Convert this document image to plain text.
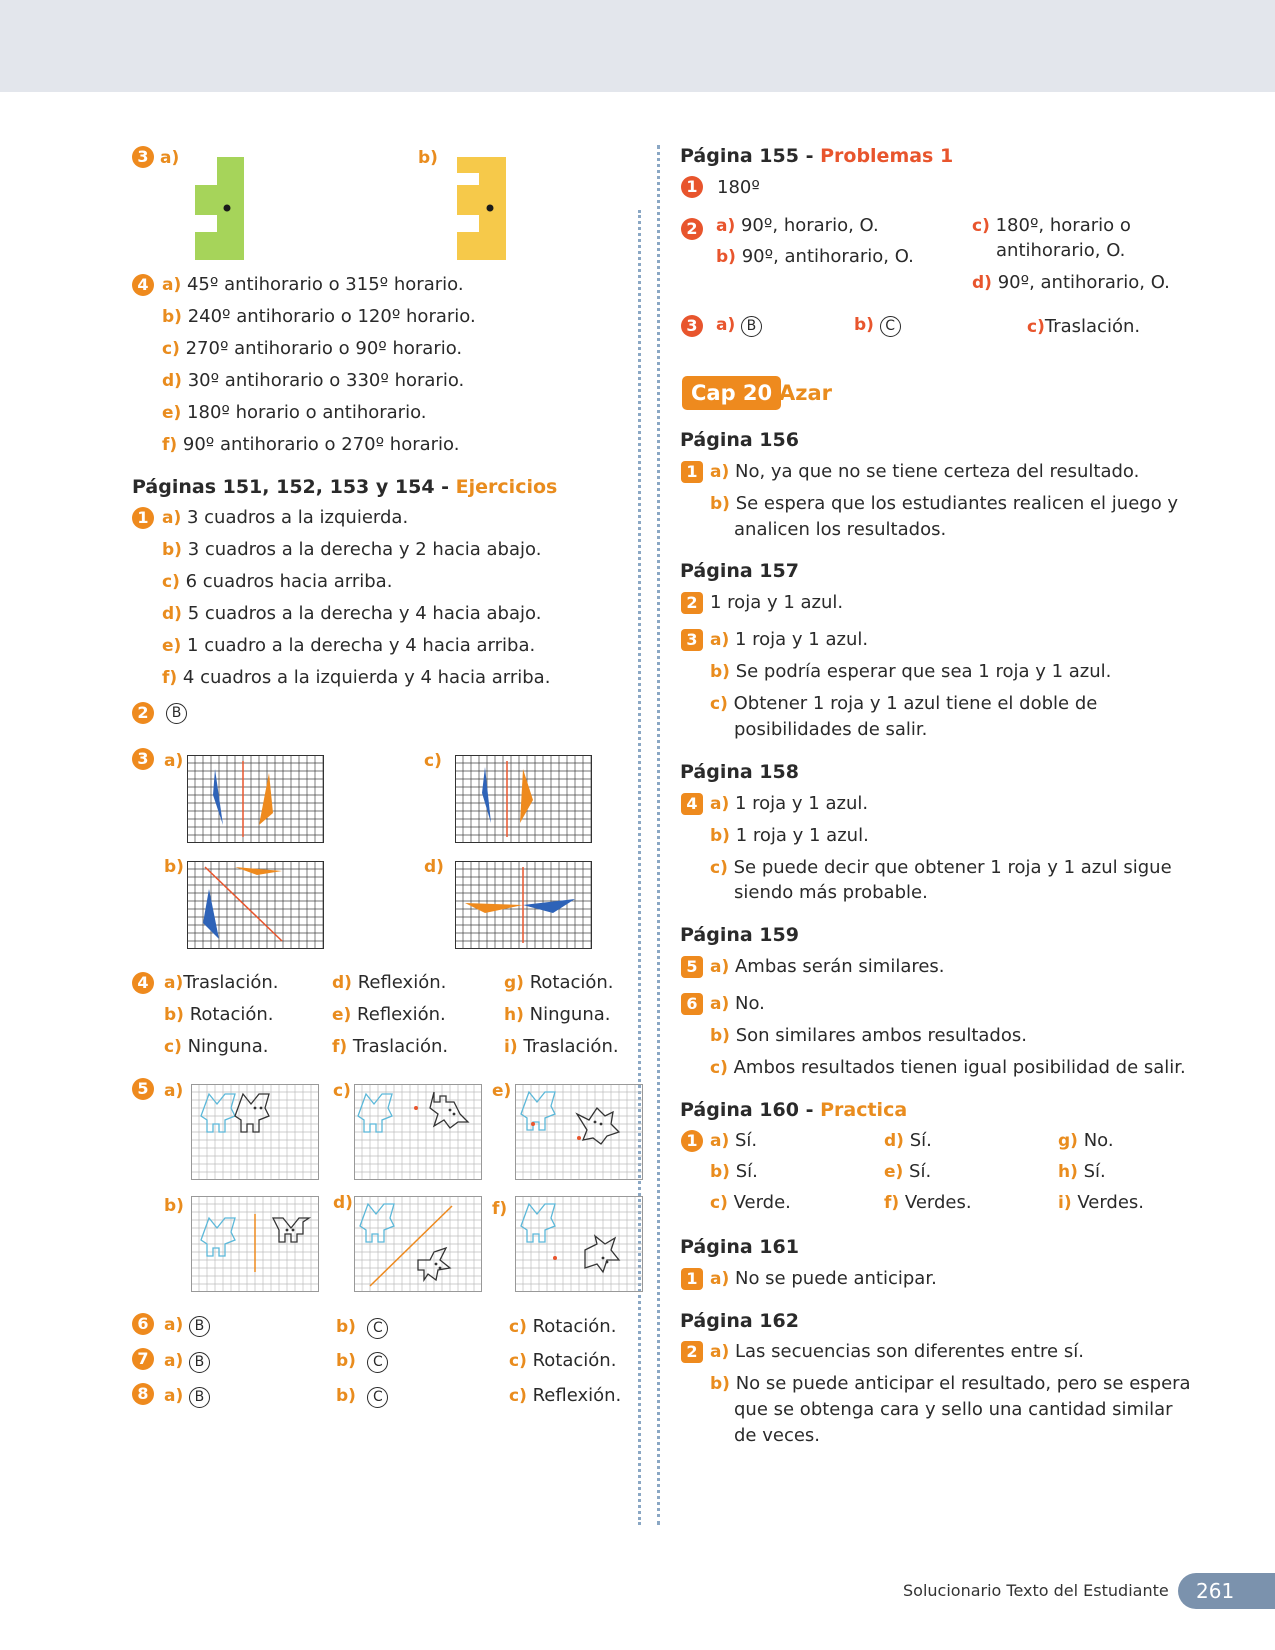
3 a)	b)
4 a) 45º antihorario o 315º horario.
b) 240º antihorario o 120º horario.
c) 270º antihorario o 90º horario.
d) 30º antihorario o 330º horario.
e) 180º horario o antihorario.
f) 90º antihorario o 270º horario.
Páginas 151, 152, 153 y 154 - Ejercicios
1 a) 3 cuadros a la izquierda.
b) 3 cuadros a la derecha y 2 hacia abajo.
c) 6 cuadros hacia arriba.
d) 5 cuadros a la derecha y 4 hacia abajo.
e) 1 cuadro a la derecha y 4 hacia arriba.
f) 4 cuadros a la izquierda y 4 hacia arriba.
2	B
3 a)	c)
b)	d)
4 a)Traslación.	d) Reflexión.	g) Rotación.
b) Rotación.	e) Reflexión.	h) Ninguna.
c) Ninguna.	f) Traslación.	i) Traslación.
5 a)
b)
c)
d)
e)
f)
6
7
8
a) B	b) C	c) Rotación.
a) B	b) C	c) Rotación.
a) B	b) C	c) Reflexión.
Página 155 - Problemas 1
1	180º
2	a) 90º, horario, O.
b) 90º, antihorario, O.
c) 180º, horario o
antihorario, O.
d) 90º, antihorario, O.
3	a) B	b) C	c)Traslación.
Cap 20 Azar
Página 156
1 a) No, ya que no se tiene certeza del resultado.
b) Se espera que los estudiantes realicen el juego y
analicen los resultados.
Página 157
2 1 roja y 1 azul.
3 a) 1 roja y 1 azul.
b) Se podría esperar que sea 1 roja y 1 azul.
c) Obtener 1 roja y 1 azul tiene el doble de
posibilidades de salir.
Página 158
4 a) 1 roja y 1 azul.
b) 1 roja y 1 azul.
c) Se puede decir que obtener 1 roja y 1 azul sigue
siendo más probable.
Página 159
5 a) Ambas serán similares.
6 a) No.
b) Son similares ambos resultados.
c) Ambos resultados tienen igual posibilidad de salir.
Página 160 - Practica
1 a) Sí.	d) Sí.	g) No.
b) Sí.	e) Sí.	h) Sí.
c) Verde.	f) Verdes.	i) Verdes.
Página 161
1 a) No se puede anticipar.
Página 162
2 a) Las secuencias son diferentes entre sí.
b) No se puede anticipar el resultado, pero se espera
que se obtenga cara y sello una cantidad similar
de veces.
Solucionario Texto del Estudiante	261
